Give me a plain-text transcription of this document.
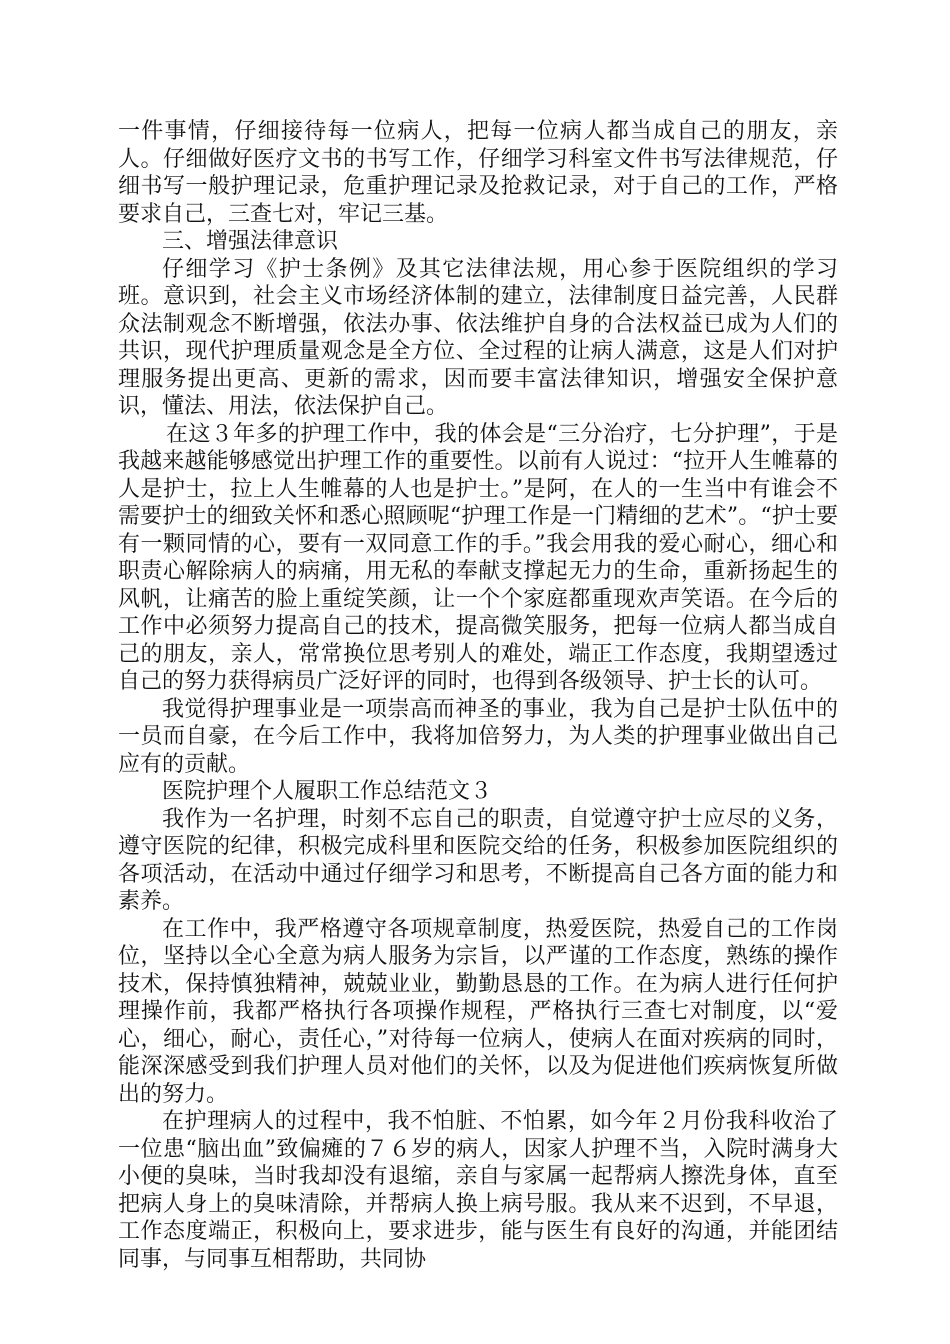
一件事情，仔细接待每一位病人，把每一位病人都当成自己的朋友，亲人。仔细做好医疗文书的书写工作，仔细学习科室文件书写法律规范，仔细书写一般护理记录，危重护理记录及抢救记录，对于自己的工作，严格要求自己，三查七对，牢记三基。

三、增强法律意识

仔细学习《护士条例》及其它法律法规，用心参于医院组织的学习班。意识到，社会主义市场经济体制的建立，法律制度日益完善，人民群众法制观念不断增强，依法办事、依法维护自身的合法权益已成为人们的共识，现代护理质量观念是全方位、全过程的让病人满意，这是人们对护理服务提出更高、更新的需求，因而要丰富法律知识，增强安全保护意识，懂法、用法，依法保护自己。

在这３年多的护理工作中，我的体会是“三分治疗，七分护理”，于是我越来越能够感觉出护理工作的重要性。以前有人说过：“拉开人生帷幕的人是护士，拉上人生帷幕的人也是护士。”是阿，在人的一生当中有谁会不需要护士的细致关怀和悉心照顾呢“护理工作是一门精细的艺术”。“护士要有一颗同情的心，要有一双同意工作的手。”我会用我的爱心耐心，细心和职责心解除病人的病痛，用无私的奉献支撑起无力的生命，重新扬起生的风帆，让痛苦的脸上重绽笑颜，让一个个家庭都重现欢声笑语。在今后的工作中必须努力提高自己的技术，提高微笑服务，把每一位病人都当成自己的朋友，亲人，常常换位思考别人的难处，端正工作态度，我期望透过自己的努力获得病员广泛好评的同时，也得到各级领导、护士长的认可。

我觉得护理事业是一项崇高而神圣的事业，我为自己是护士队伍中的一员而自豪，在今后工作中，我将加倍努力，为人类的护理事业做出自己应有的贡献。

医院护理个人履职工作总结范文３

我作为一名护理，时刻不忘自己的职责，自觉遵守护士应尽的义务，遵守医院的纪律，积极完成科里和医院交给的任务，积极参加医院组织的各项活动，在活动中通过仔细学习和思考，不断提高自己各方面的能力和素养。

在工作中，我严格遵守各项规章制度，热爱医院，热爱自己的工作岗位，坚持以全心全意为病人服务为宗旨，以严谨的工作态度，熟练的操作技术，保持慎独精神，兢兢业业，勤勤恳恳的工作。在为病人进行任何护理操作前，我都严格执行各项操作规程，严格执行三查七对制度，以“爱心，细心，耐心，责任心，”对待每一位病人，使病人在面对疾病的同时，能深深感受到我们护理人员对他们的关怀，以及为促进他们疾病恢复所做出的努力。

在护理病人的过程中，我不怕脏、不怕累，如今年２月份我科收治了一位患“脑出血”致偏瘫的７６岁的病人，因家人护理不当，入院时满身大小便的臭味，当时我却没有退缩，亲自与家属一起帮病人擦洗身体，直至把病人身上的臭味清除，并帮病人换上病号服。我从来不迟到，不早退，工作态度端正，积极向上，要求进步，能与医生有良好的沟通，并能团结同事，与同事互相帮助，共同协
